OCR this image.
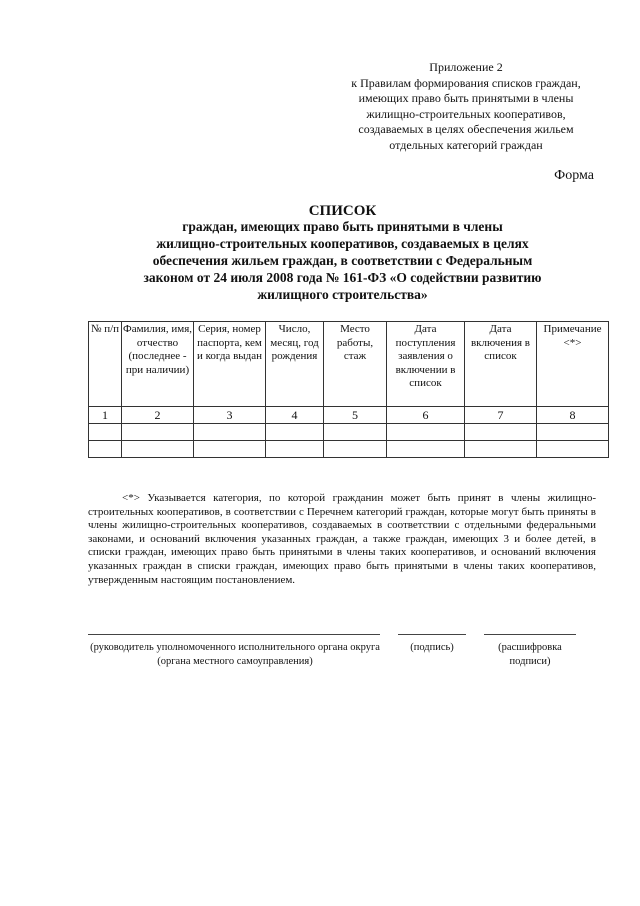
Приложение 2
к Правилам формирования списков граждан,
имеющих право быть принятыми в члены
жилищно-строительных кооперативов,
создаваемых в целях обеспечения жильем
отдельных категорий граждан
Форма
СПИСОК
граждан, имеющих право быть принятыми в члены
жилищно-строительных кооперативов, создаваемых в целях
обеспечения жильем граждан, в соответствии с Федеральным
законом от 24 июля 2008 года № 161-ФЗ «О содействии развитию
жилищного строительства»
№ п/п	Фамилия, имя, отчество (последнее - при наличии)	Серия, номер паспорта, кем и когда выдан	Число, месяц, год рождения	Место работы, стаж	Дата поступления заявления о включении в список	Дата включения в список	Примечание <*>
1	2	3	4	5	6	7	8

<*> Указывается категория, по которой гражданин может быть принят в члены жилищно-строительных кооперативов, в соответствии с Перечнем категорий граждан, которые могут быть приняты в члены жилищно-строительных кооперативов, создаваемых в соответствии с отдельными федеральными законами, и оснований включения указанных граждан, а также граждан, имеющих 3 и более детей, в списки граждан, имеющих право быть принятыми в члены таких кооперативов, и оснований включения указанных граждан в списки граждан, имеющих право быть принятыми в члены таких кооперативов, утвержденным настоящим постановлением.
(руководитель уполномоченного исполнительного органа округа (органа местного самоуправления)
(подпись)	(расшифровка подписи)
